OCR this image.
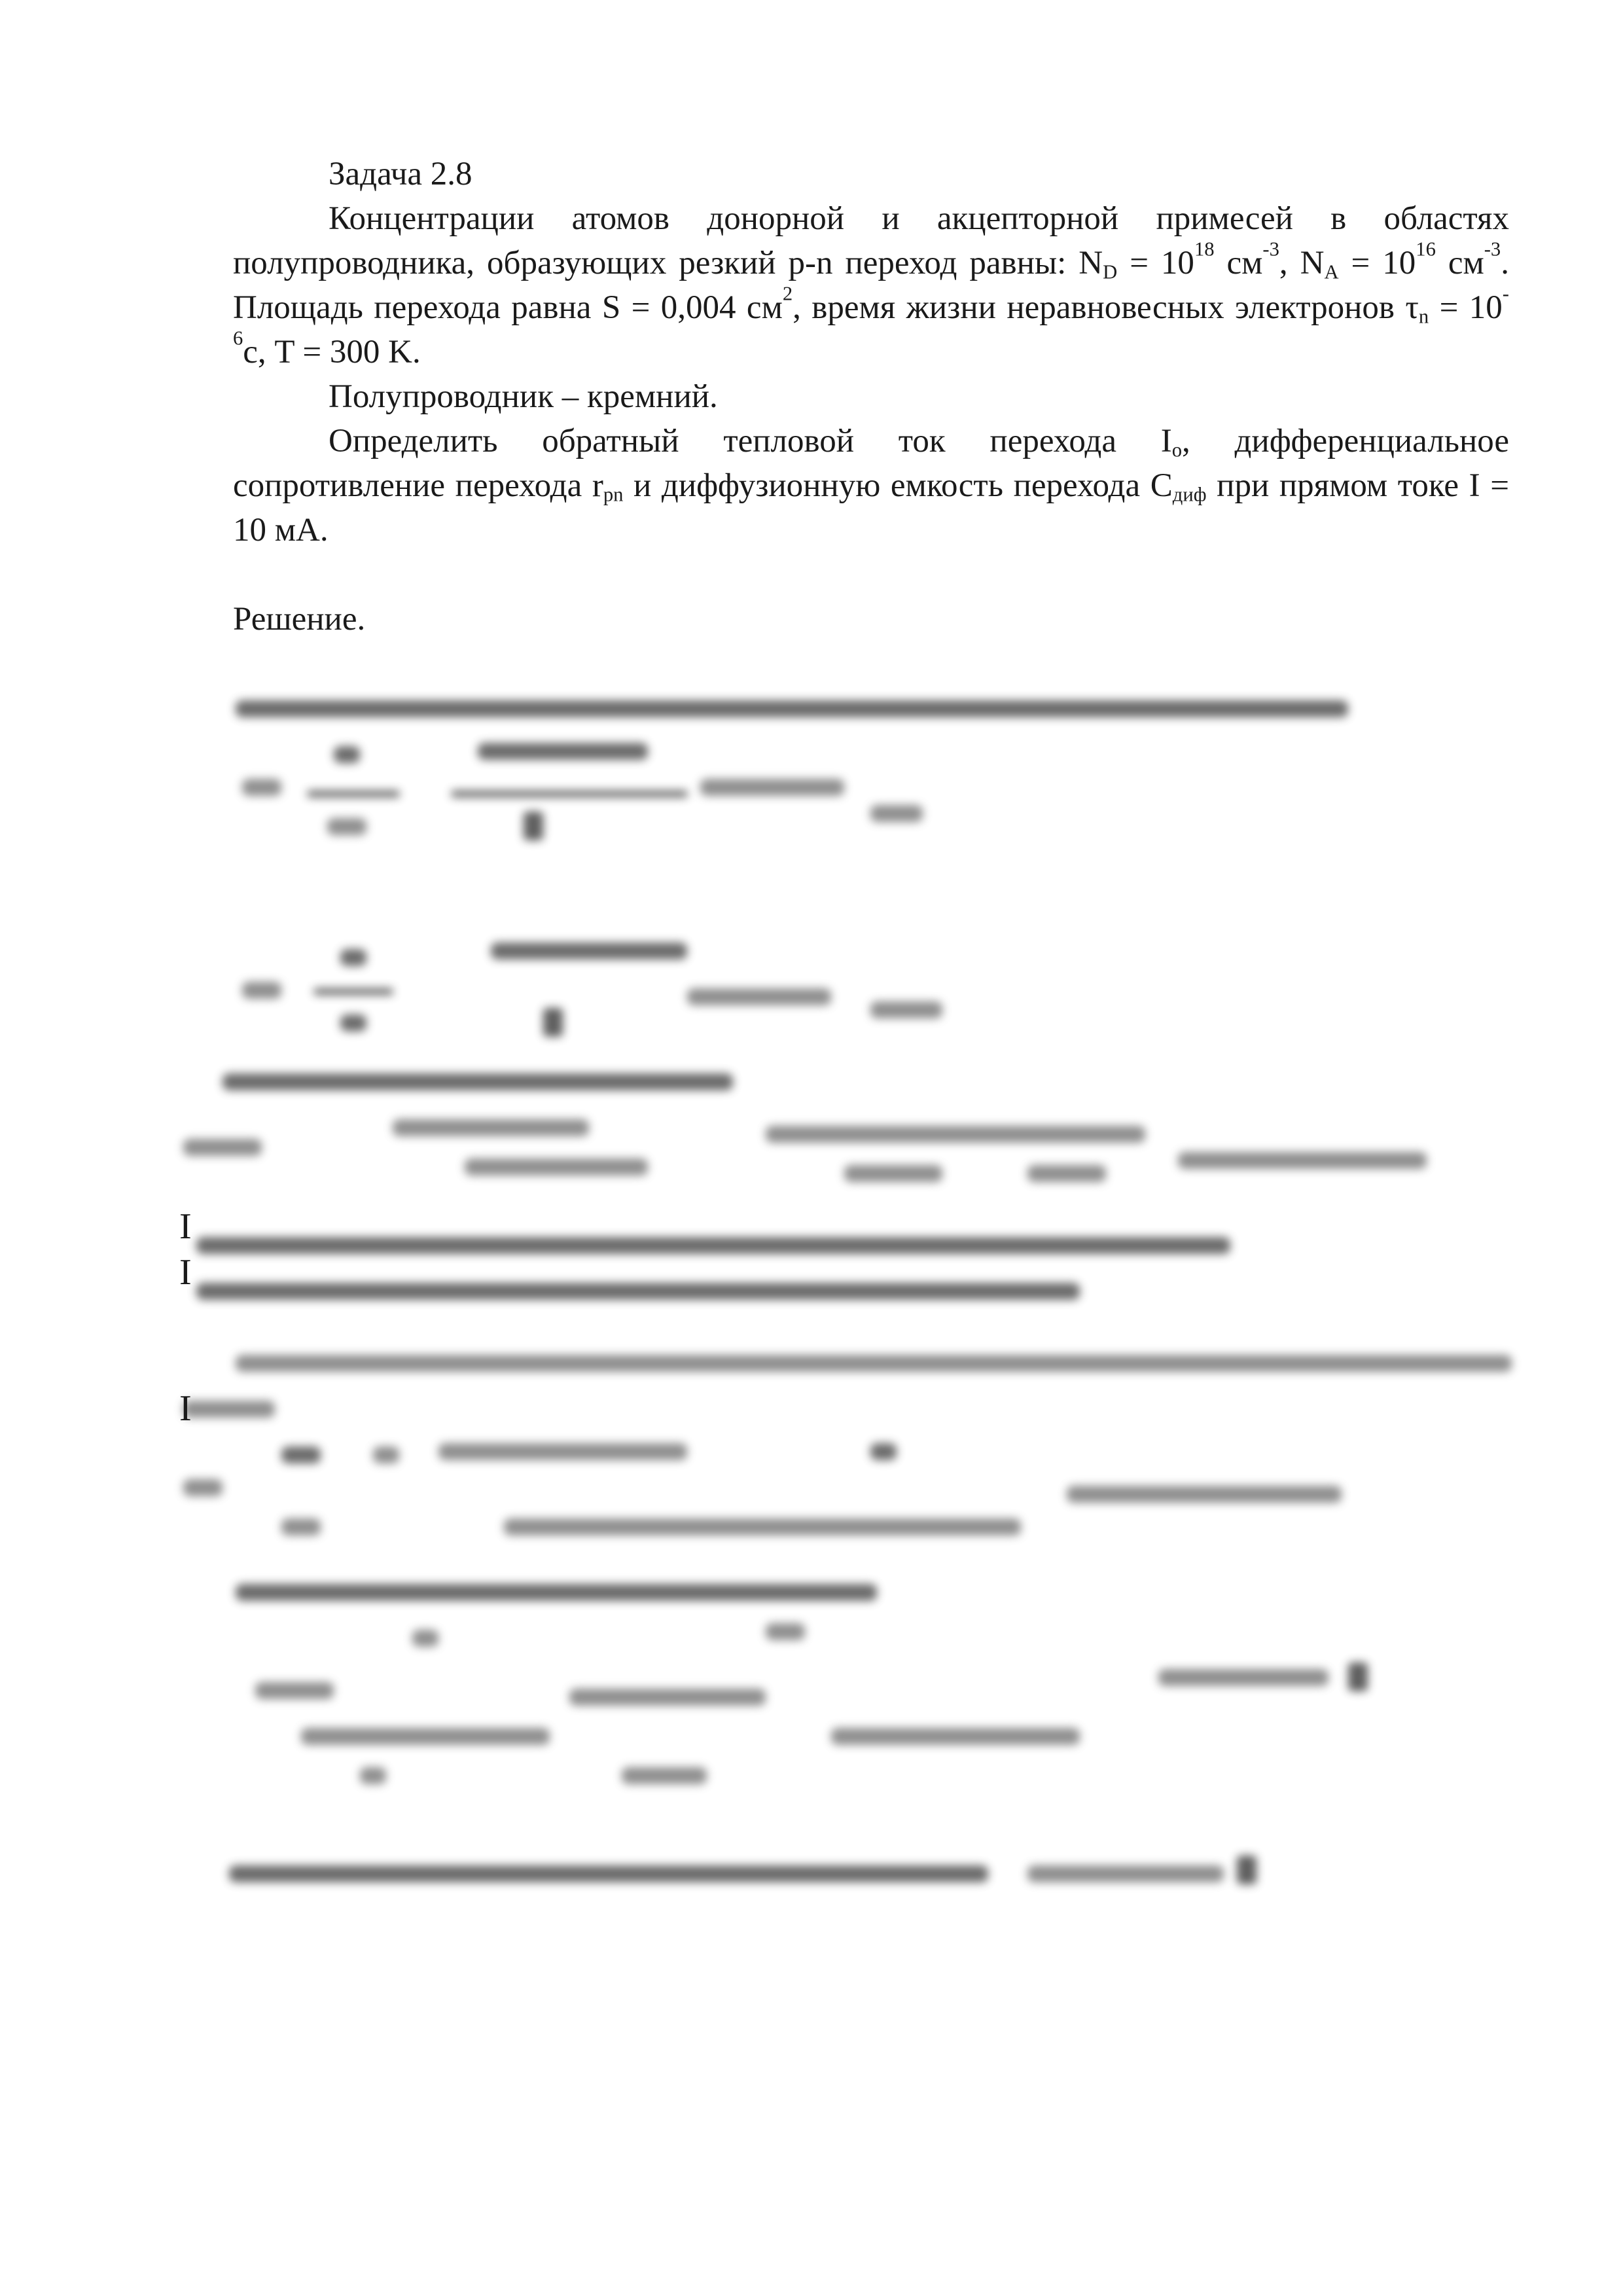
Задача 2.8

Концентрации атомов донорной и акцепторной примесей в областях полупроводника, образующих резкий p-n переход равны: $N_D = 10^{18}$ $см^{-3}$, $N_A = 10^{16}$ $см^{-3}$. Площадь перехода равна S = 0,004 $см^2$, время жизни неравновесных электронов $\tau_n = 10^{-6}с$, T = 300 K.

Полупроводник – кремний.

Определить обратный тепловой ток перехода $I_o$, дифференциальное сопротивление перехода $r_{pn}$ и диффузионную емкость перехода $C_{диф}$ при прямом токе I = 10 мА.

Решение.

I
I
I
